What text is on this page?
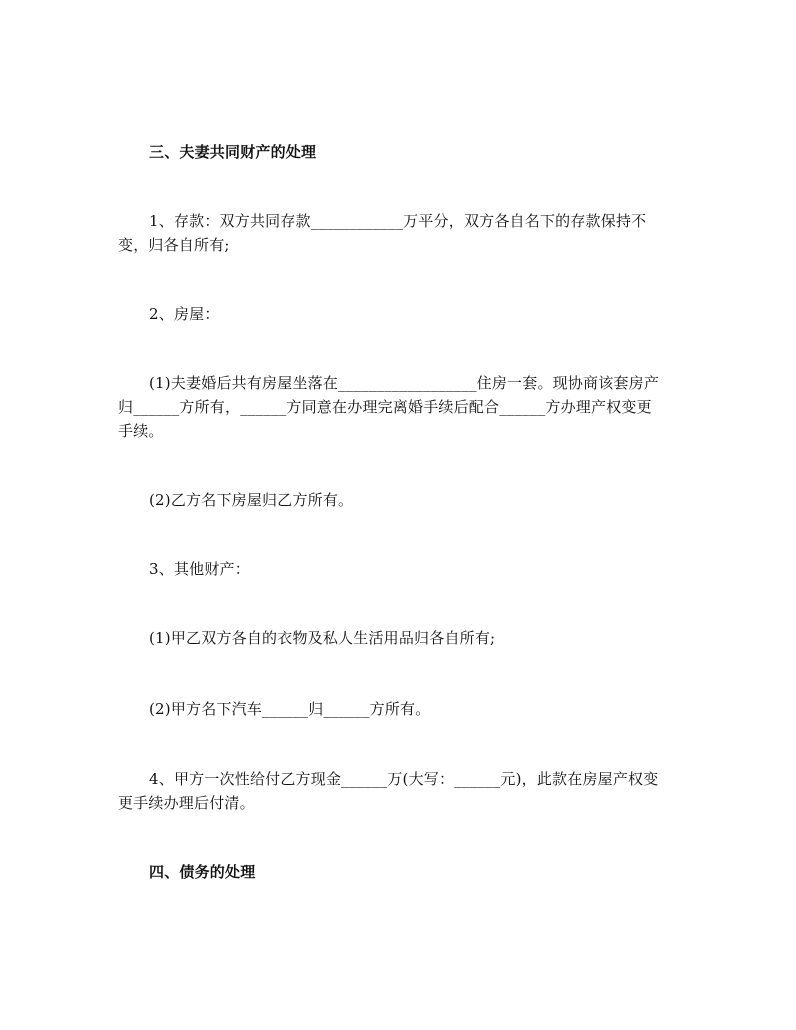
三、夫妻共同财产的处理
1、存款：双方共同存款____________万平分，双方各自名下的存款保持不
变，归各自所有;
2、房屋：
(1)夫妻婚后共有房屋坐落在__________________住房一套。现协商该套房产
归______方所有，______方同意在办理完离婚手续后配合______方办理产权变更
手续。
(2)乙方名下房屋归乙方所有。
3、其他财产：
(1)甲乙双方各自的衣物及私人生活用品归各自所有;
(2)甲方名下汽车______归______方所有。
4、甲方一次性给付乙方现金______万(大写：______元)，此款在房屋产权变
更手续办理后付清。
四、债务的处理
